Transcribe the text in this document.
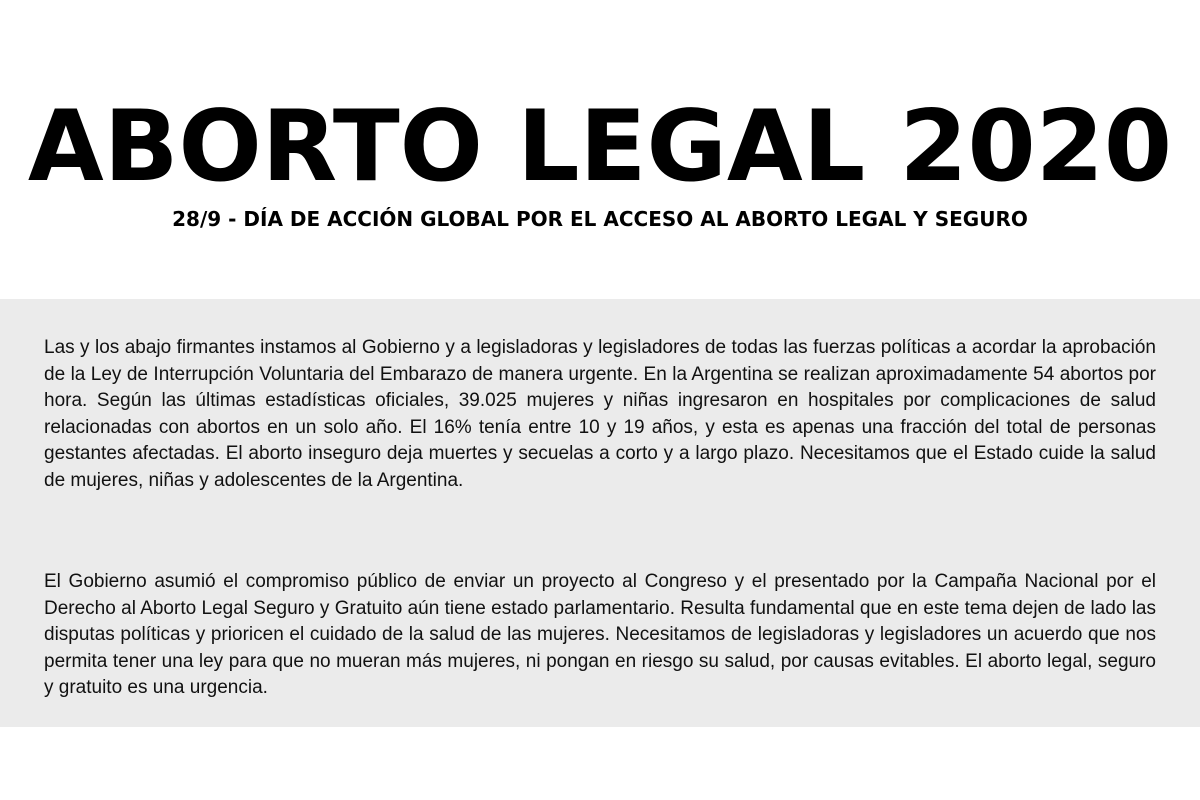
ABORTO LEGAL 2020
28/9 - DÍA DE ACCIÓN GLOBAL POR EL ACCESO AL ABORTO LEGAL Y SEGURO

Las y los abajo firmantes instamos al Gobierno y a legisladoras y legisladores de todas las fuerzas políticas a acordar la aprobación de la Ley de Interrupción Voluntaria del Embarazo de manera urgente. En la Argentina se realizan aproximadamente 54 abortos por hora. Según las últimas estadísticas oficiales, 39.025 mujeres y niñas ingresaron en hospitales por complicaciones de salud relacionadas con abortos en un solo año. El 16% tenía entre 10 y 19 años, y esta es apenas una fracción del total de personas gestantes afectadas. El aborto inseguro deja muertes y secuelas a corto y a largo plazo. Necesitamos que el Estado cuide la salud de mujeres, niñas y adolescentes de la Argentina.

El Gobierno asumió el compromiso público de enviar un proyecto al Congreso y el presentado por la Campaña Nacional por el Derecho al Aborto Legal Seguro y Gratuito aún tiene estado parlamentario. Resulta fundamental que en este tema dejen de lado las disputas políticas y prioricen el cuidado de la salud de las mujeres. Necesitamos de legisladoras y legisladores un acuerdo que nos permita tener una ley para que no mueran más mujeres, ni pongan en riesgo su salud, por causas evitables. El aborto legal, seguro y gratuito es una urgencia.
